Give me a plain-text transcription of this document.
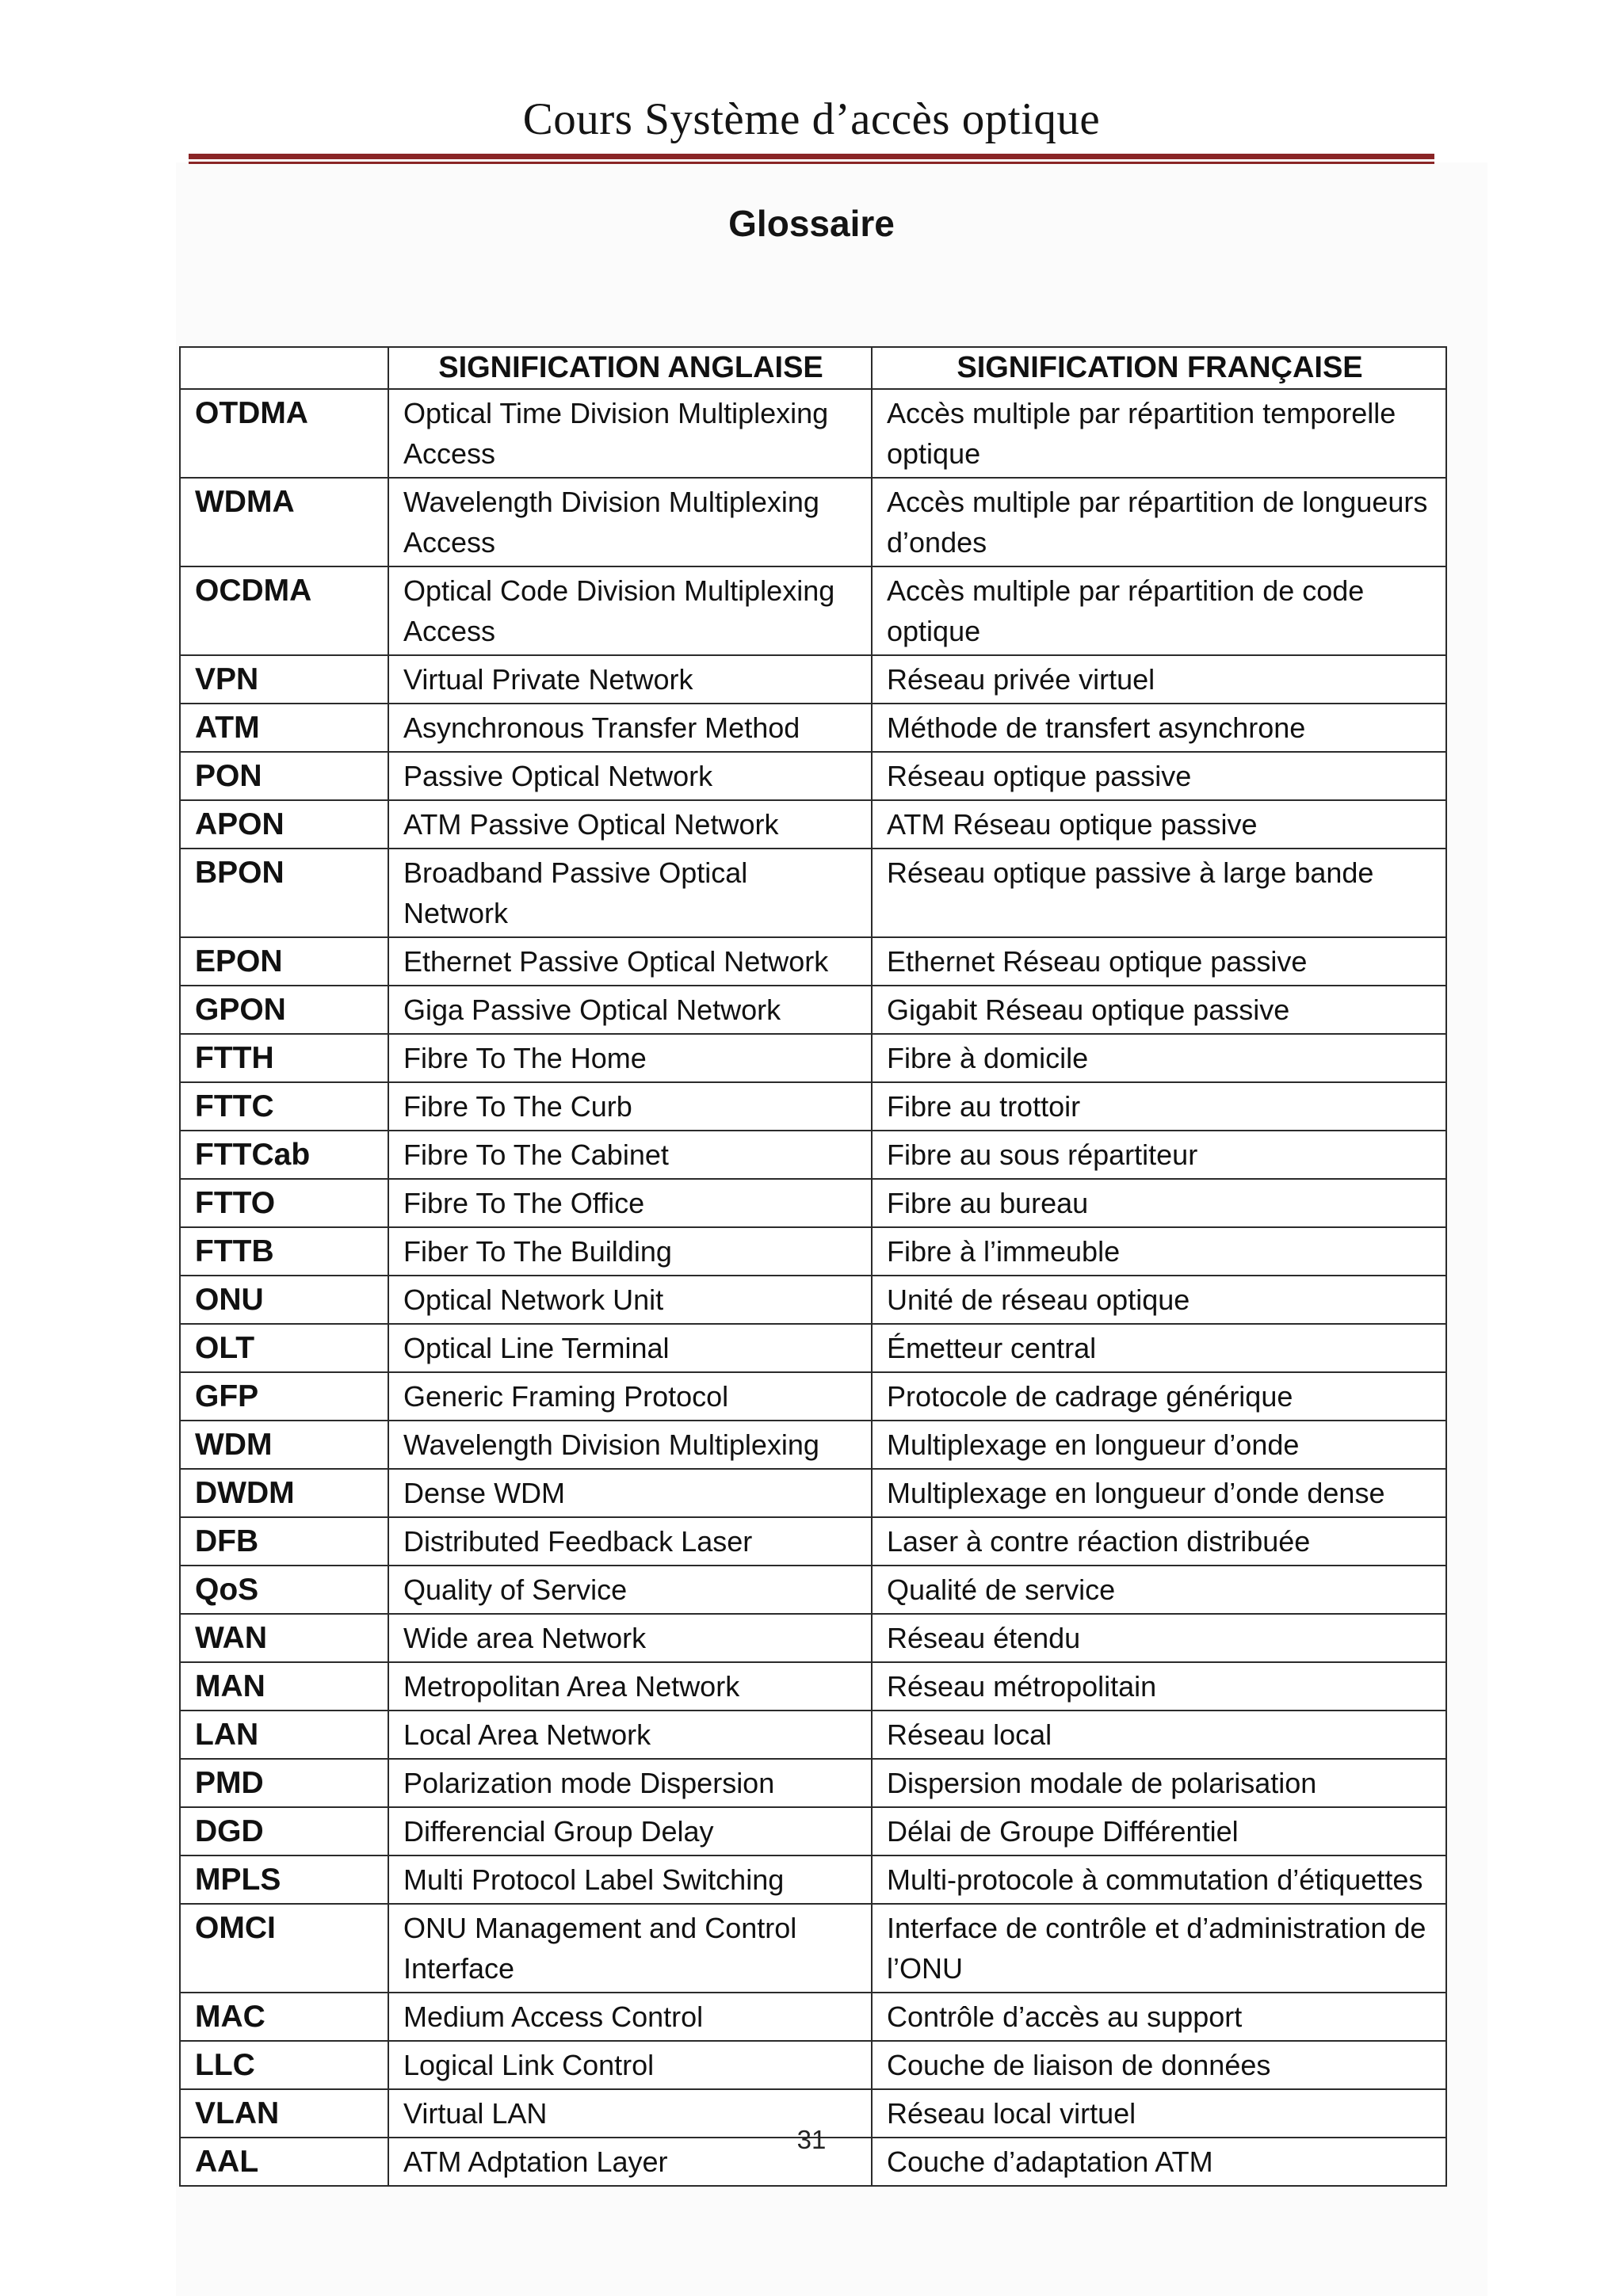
Cours Système d’accès optique
Glossaire
	SIGNIFICATION ANGLAISE	SIGNIFICATION FRANÇAISE
OTDMA	Optical Time Division Multiplexing Access	Accès multiple par répartition temporelle optique
WDMA	Wavelength Division Multiplexing Access	Accès multiple par répartition de longueurs d’ondes
OCDMA	Optical Code Division Multiplexing Access	Accès multiple par répartition de code optique
VPN	Virtual Private Network	Réseau privée virtuel
ATM	Asynchronous Transfer Method	Méthode de transfert asynchrone
PON	Passive Optical Network	Réseau optique passive
APON	ATM Passive Optical Network	ATM Réseau optique passive
BPON	Broadband Passive Optical Network	Réseau optique passive à large bande
EPON	Ethernet Passive Optical Network	Ethernet Réseau optique passive
GPON	Giga Passive Optical Network	Gigabit Réseau optique passive
FTTH	Fibre To The Home	Fibre à domicile
FTTC	Fibre To The Curb	Fibre au trottoir
FTTCab	Fibre To The Cabinet	Fibre au sous répartiteur
FTTO	Fibre To The Office	Fibre au bureau
FTTB	Fiber To The Building	Fibre à l’immeuble
ONU	Optical Network Unit	Unité de réseau optique
OLT	Optical Line Terminal	Émetteur central
GFP	Generic Framing Protocol	Protocole de cadrage générique
WDM	Wavelength Division Multiplexing	Multiplexage en longueur d’onde
DWDM	Dense WDM	Multiplexage en longueur d’onde dense
DFB	Distributed Feedback Laser	Laser à contre réaction distribuée
QoS	Quality of Service	Qualité de service
WAN	Wide area Network	Réseau étendu
MAN	Metropolitan Area Network	Réseau métropolitain
LAN	Local Area Network	Réseau local
PMD	Polarization mode Dispersion	Dispersion modale de polarisation
DGD	Differencial Group Delay	Délai de Groupe Différentiel
MPLS	Multi Protocol Label Switching	Multi-protocole à commutation d’étiquettes
OMCI	ONU Management and Control Interface	Interface de contrôle et d’administration de l’ONU
MAC	Medium Access Control	Contrôle d’accès au support
LLC	Logical Link Control	Couche de liaison de données
VLAN	Virtual LAN	Réseau local virtuel
AAL	ATM Adptation Layer	Couche d’adaptation ATM
31
